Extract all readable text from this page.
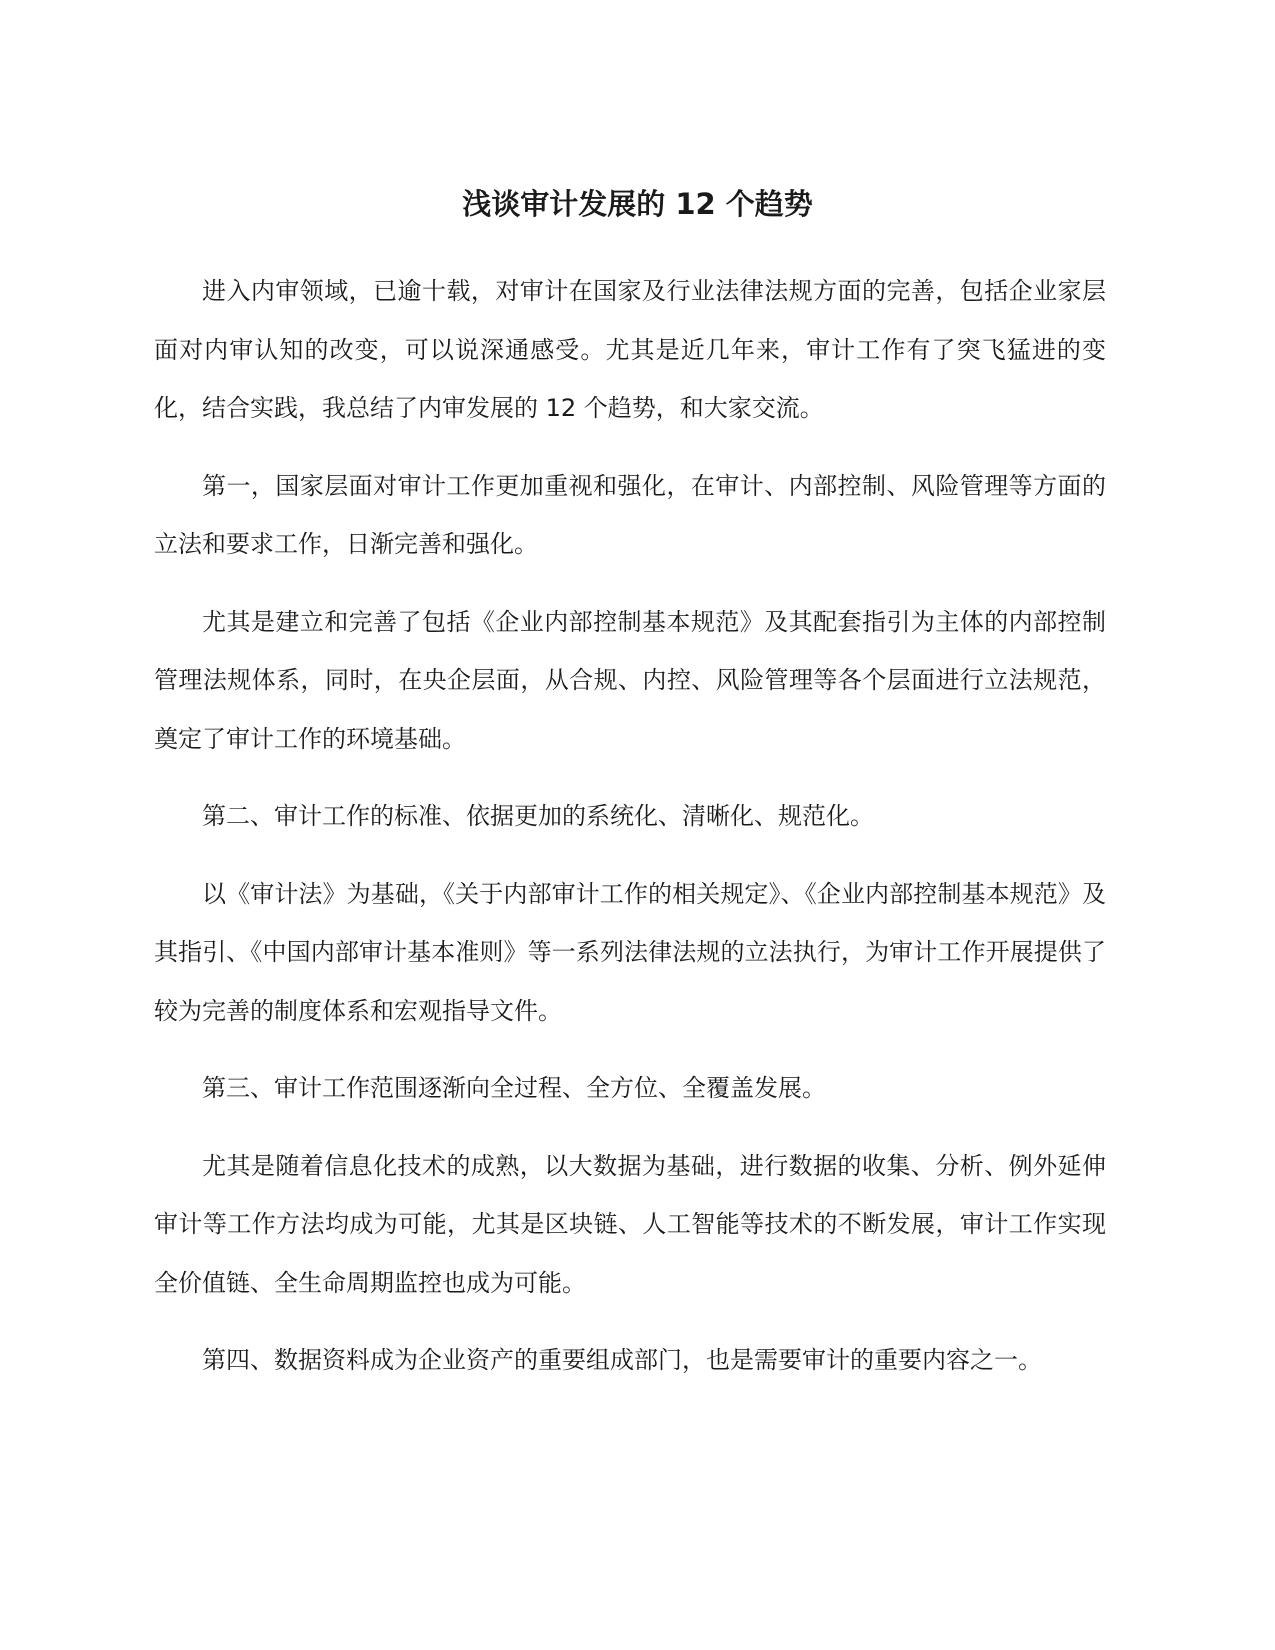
浅谈审计发展的 12 个趋势

进入内审领域，已逾十载，对审计在国家及行业法律法规方面的完善，包括企业家层面对内审认知的改变，可以说深通感受。尤其是近几年来，审计工作有了突飞猛进的变化，结合实践，我总结了内审发展的 12 个趋势，和大家交流。

第一，国家层面对审计工作更加重视和强化，在审计、内部控制、风险管理等方面的立法和要求工作，日渐完善和强化。

尤其是建立和完善了包括《企业内部控制基本规范》及其配套指引为主体的内部控制管理法规体系，同时，在央企层面，从合规、内控、风险管理等各个层面进行立法规范，奠定了审计工作的环境基础。

第二、审计工作的标准、依据更加的系统化、清晰化、规范化。

以《审计法》为基础，《关于内部审计工作的相关规定》、《企业内部控制基本规范》及其指引、《中国内部审计基本准则》等一系列法律法规的立法执行，为审计工作开展提供了较为完善的制度体系和宏观指导文件。

第三、审计工作范围逐渐向全过程、全方位、全覆盖发展。

尤其是随着信息化技术的成熟，以大数据为基础，进行数据的收集、分析、例外延伸审计等工作方法均成为可能，尤其是区块链、人工智能等技术的不断发展，审计工作实现全价值链、全生命周期监控也成为可能。

第四、数据资料成为企业资产的重要组成部门，也是需要审计的重要内容之一。
